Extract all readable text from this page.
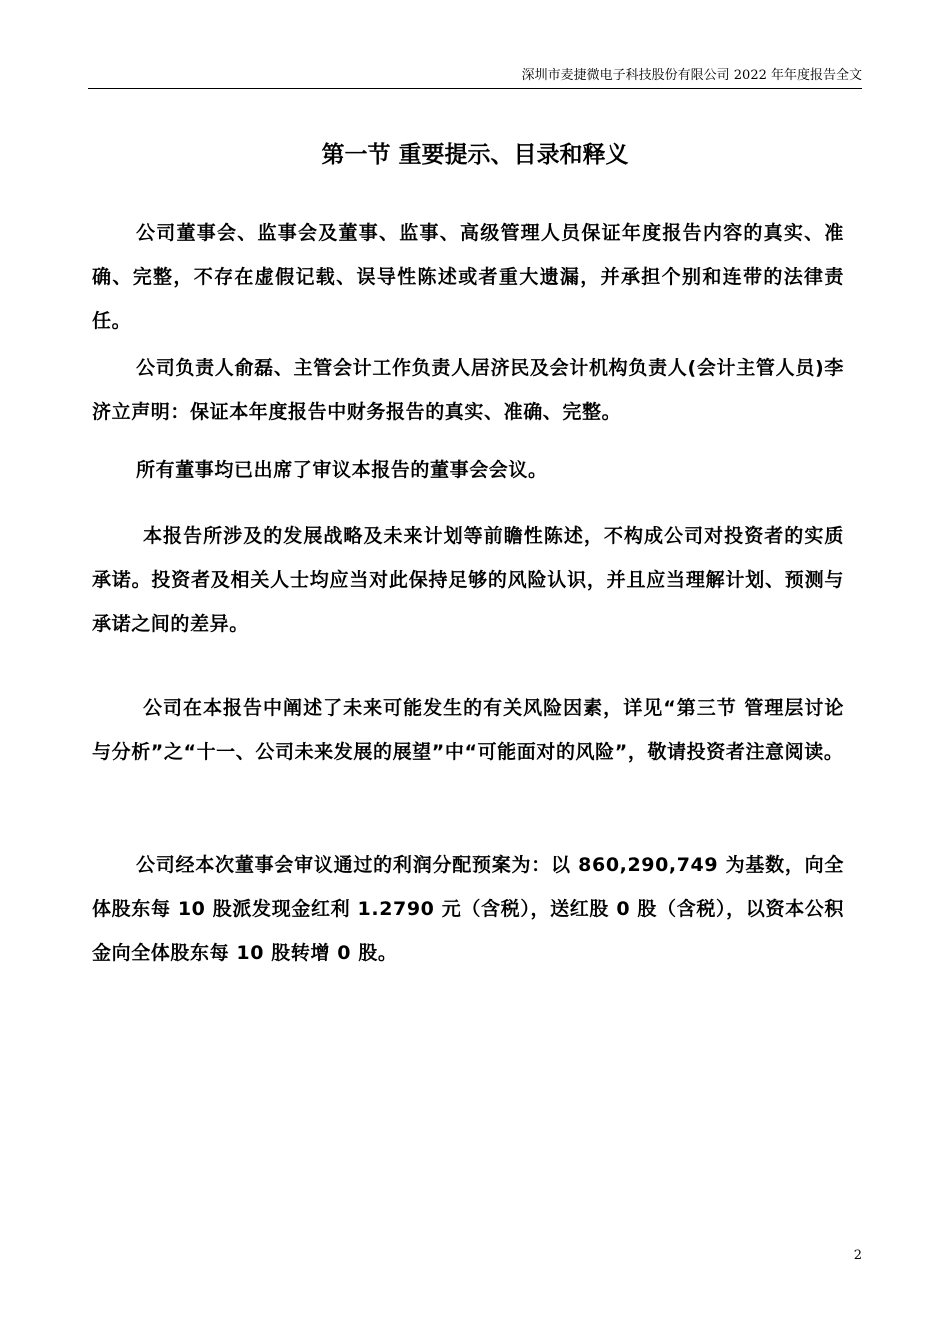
深圳市麦捷微电子科技股份有限公司 2022 年年度报告全文
第一节 重要提示、目录和释义

公司董事会、监事会及董事、监事、高级管理人员保证年度报告内容的真实、准确、完整，不存在虚假记载、误导性陈述或者重大遗漏，并承担个别和连带的法律责任。

公司负责人俞磊、主管会计工作负责人居济民及会计机构负责人(会计主管人员)李济立声明：保证本年度报告中财务报告的真实、准确、完整。

所有董事均已出席了审议本报告的董事会会议。

本报告所涉及的发展战略及未来计划等前瞻性陈述，不构成公司对投资者的实质承诺。投资者及相关人士均应当对此保持足够的风险认识，并且应当理解计划、预测与承诺之间的差异。

公司在本报告中阐述了未来可能发生的有关风险因素，详见“第三节 管理层讨论与分析”之“十一、公司未来发展的展望”中“可能面对的风险”，敬请投资者注意阅读。

公司经本次董事会审议通过的利润分配预案为：以 860,290,749 为基数，向全体股东每 10 股派发现金红利 1.2790 元（含税），送红股 0 股（含税），以资本公积金向全体股东每 10 股转增 0 股。

2
